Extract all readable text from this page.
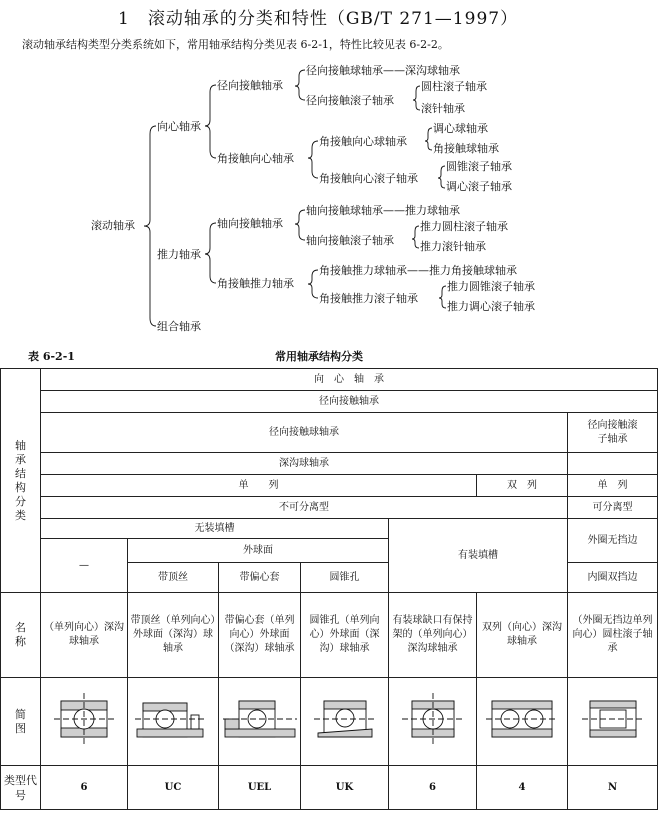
1　滚动轴承的分类和特性（GB/T 271—1997）
滚动轴承结构类型分类系统如下，常用轴承结构分类见表 6-2-1，特性比较见表 6-2-2。
滚动轴承
向心轴承
推力轴承
组合轴承
径向接触轴承
角接触向心轴承
轴向接触轴承
角接触推力轴承
径向接触球轴承——深沟球轴承
径向接触滚子轴承
角接触向心球轴承
角接触向心滚子轴承
轴向接触球轴承——推力球轴承
轴向接触滚子轴承
角接触推力球轴承——推力角接触球轴承
角接触推力滚子轴承
圆柱滚子轴承
滚针轴承
调心球轴承
角接触球轴承
圆锥滚子轴承
调心滚子轴承
推力圆柱滚子轴承
推力滚针轴承
推力圆锥滚子轴承
推力调心滚子轴承
表 6-2-1	常用轴承结构分类
轴承结构分类	向　心　轴　承						
	径向接触轴承						
	径向接触球轴承						径向接触滚子轴承

	深沟球轴承						
	单　　列					双　列	单　列
	不可分离型						可分离型
	无装填槽				有装填槽		外圈无挡边
	—	外球面					
		带顶丝	带偏心套	圆锥孔			内圈双挡边

名称	（单列向心）深沟球轴承	带顶丝（单列向心）外球面（深沟）球轴承	带偏心套（单列向心）外球面（深沟）球轴承	圆锥孔（单列向心）外球面（深沟）球轴承	有装球缺口有保持架的（单列向心）深沟球轴承	双列（向心）深沟球轴承	（外圈无挡边单列向心）圆柱滚子轴承

简图

类型代号	6	UC	UEL	UK	6	4	N
